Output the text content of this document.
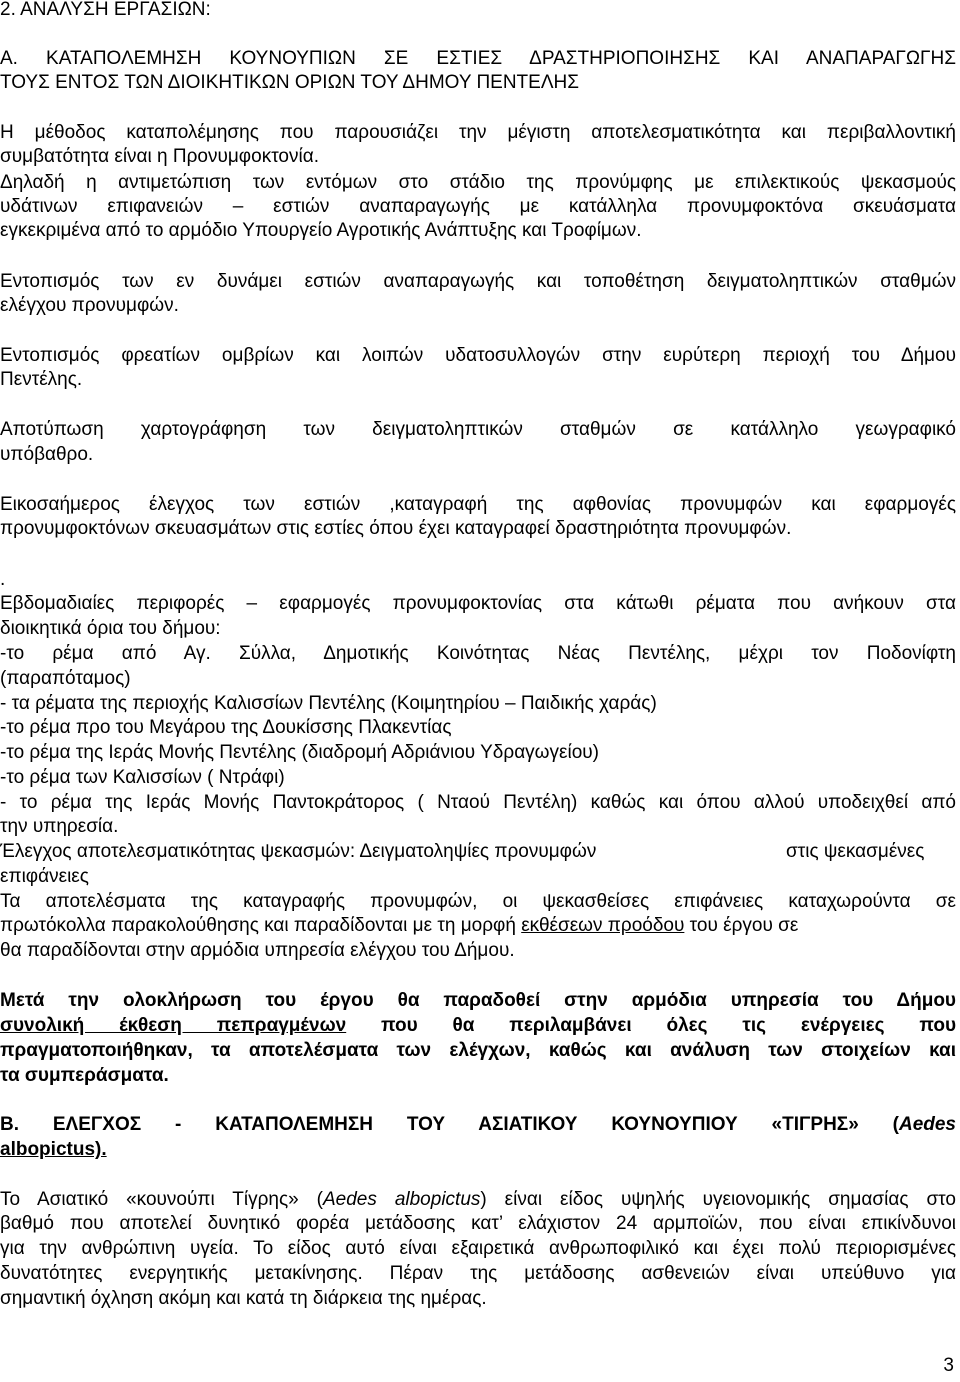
2. ΑΝΑΛΥΣΗ ΕΡΓΑΣΙΩΝ:
Α. ΚΑΤΑΠΟΛΕΜΗΣΗ ΚΟΥΝΟΥΠΙΩΝ ΣΕ ΕΣΤΙΕΣ ΔΡΑΣΤΗΡΙΟΠΟΙΗΣΗΣ ΚΑΙ ΑΝΑΠΑΡΑΓΩΓΗΣ
ΤΟΥΣ ΕΝΤΟΣ ΤΩΝ ΔΙΟΙΚΗΤΙΚΩΝ ΟΡΙΩΝ ΤΟΥ ΔΗΜΟΥ ΠΕΝΤΕΛΗΣ
Η μέθοδος καταπολέμησης που παρουσιάζει την μέγιστη αποτελεσματικότητα και περιβαλλοντική
συμβατότητα είναι η Προνυμφοκτονία.
Δηλαδή η αντιμετώπιση των εντόμων στο στάδιο της προνύμφης με επιλεκτικούς ψεκασμούς
υδάτινων επιφανειών – εστιών αναπαραγωγής με κατάλληλα προνυμφοκτόνα σκευάσματα
εγκεκριμένα από το αρμόδιο Υπουργείο Αγροτικής Ανάπτυξης και Τροφίμων.
Εντοπισμός των εν δυνάμει εστιών αναπαραγωγής και τοποθέτηση δειγματοληπτικών σταθμών
ελέγχου προνυμφών.
Εντοπισμός φρεατίων ομβρίων και λοιπών υδατοσυλλογών στην ευρύτερη περιοχή του Δήμου
Πεντέλης.
Αποτύπωση χαρτογράφηση των δειγματοληπτικών σταθμών σε κατάλληλο γεωγραφικό
υπόβαθρο.
Εικοσαήμερος έλεγχος των εστιών ,καταγραφή της αφθονίας προνυμφών και εφαρμογές
προνυμφοκτόνων σκευασμάτων στις εστίες όπου έχει καταγραφεί δραστηριότητα προνυμφών.
.
Εβδομαδιαίες περιφορές – εφαρμογές προνυμφοκτονίας στα κάτωθι ρέματα που ανήκουν στα
διοικητικά όρια του δήμου:
-το ρέμα από Αγ. Σύλλα, Δημοτικής Κοινότητας Νέας Πεντέλης, μέχρι τον Ποδονίφτη
(παραπόταμος)
- τα ρέματα της περιοχής Καλισσίων Πεντέλης (Κοιμητηρίου – Παιδικής χαράς)
-το ρέμα προ του Μεγάρου της Δουκίσσης Πλακεντίας
-το ρέμα της Ιεράς Μονής Πεντέλης (διαδρομή Αδριάνιου Υδραγωγείου)
-το ρέμα των Καλισσίων ( Ντράφι)
- το ρέμα της Ιεράς Μονής Παντοκράτορος ( Νταού Πεντέλη) καθώς και όπου αλλού υποδειχθεί από
την υπηρεσία.
Έλεγχος αποτελεσματικότητας ψεκασμών: Δειγματοληψίες προνυμφών	στις ψεκασμένες
επιφάνειες
Τα αποτελέσματα της καταγραφής προνυμφών, οι ψεκασθείσες επιφάνειες καταχωρούντα σε
πρωτόκολλα παρακολούθησης και παραδίδονται με τη μορφή εκθέσεων προόδου του έργου σε
θα παραδίδονται στην αρμόδια υπηρεσία ελέγχου του Δήμου.
Μετά την ολοκλήρωση του έργου θα παραδοθεί στην αρμόδια υπηρεσία του Δήμου
συνολική έκθεση πεπραγμένων που θα περιλαμβάνει όλες τις ενέργειες που
πραγματοποιήθηκαν, τα αποτελέσματα των ελέγχων, καθώς και ανάλυση των στοιχείων και
τα συμπεράσματα.
Β. ΕΛΕΓΧΟΣ - ΚΑΤΑΠΟΛΕΜΗΣΗ ΤΟΥ ΑΣΙΑΤΙΚΟΥ ΚΟΥΝΟΥΠΙΟΥ «ΤΙΓΡΗΣ» (Aedes
albopictus).
Το Ασιατικό «κουνούπι Τίγρης» (Aedes albopictus) είναι είδος υψηλής υγειονομικής σημασίας στο
βαθμό που αποτελεί δυνητικό φορέα μετάδοσης κατ’ ελάχιστον 24 αρμποϊών, που είναι επικίνδυνοι
για την ανθρώπινη υγεία. Το είδος αυτό είναι εξαιρετικά ανθρωποφιλικό και έχει πολύ περιορισμένες
δυνατότητες ενεργητικής μετακίνησης. Πέραν της μετάδοσης ασθενειών είναι υπεύθυνο για
σημαντική όχληση ακόμη και κατά τη διάρκεια της ημέρας.
3
